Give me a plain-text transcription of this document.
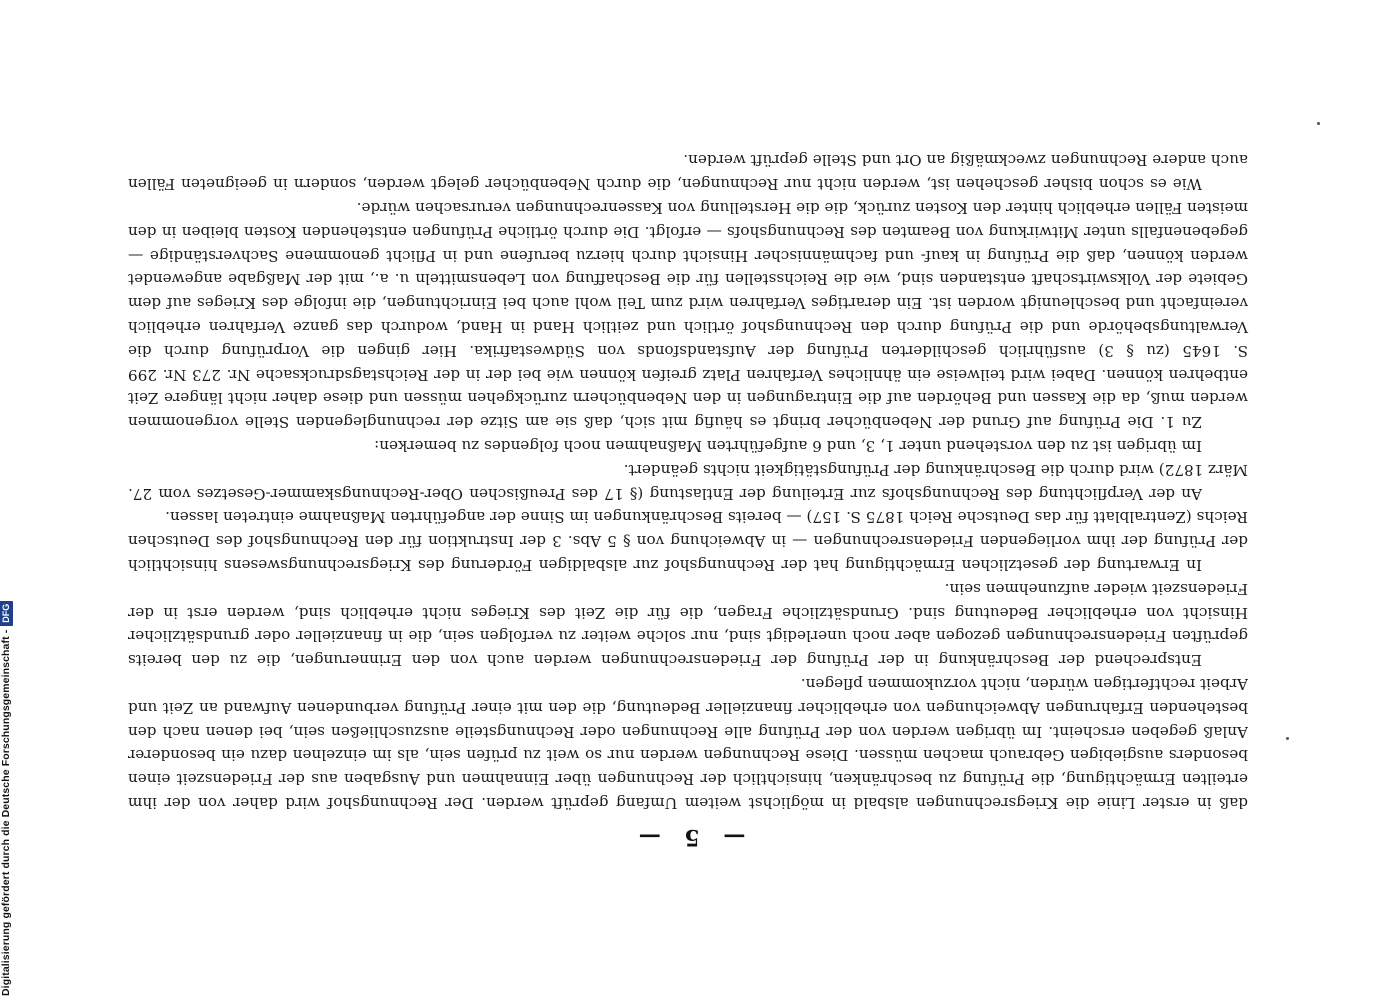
— 5 —

daß in erster Linie die Kriegsrechnungen alsbald in möglichst weitem Umfang geprüft werden. Der Rechnungshof wird daher von der ihm erteilten Ermächtigung, die Prüfung zu beschränken, hinsichtlich der Rechnungen über Einnahmen und Ausgaben aus der Friedenszeit einen besonders ausgiebigen Gebrauch machen müssen. Diese Rechnungen werden nur so weit zu prüfen sein, als im einzelnen dazu ein besonderer Anlaß gegeben erscheint. Im übrigen werden von der Prüfung alle Rechnungen oder Rechnungsteile auszuschließen sein, bei denen nach den bestehenden Erfahrungen Abweichungen von erheblicher finanzieller Bedeutung, die den mit einer Prüfung verbundenen Aufwand an Zeit und Arbeit rechtfertigen würden, nicht vorzukommen pflegen.

Entsprechend der Beschränkung in der Prüfung der Friedensrechnungen werden auch von den Erinnerungen, die zu den bereits geprüften Friedensrechnungen gezogen aber noch unerledigt sind, nur solche weiter zu verfolgen sein, die in finanzieller oder grundsätzlicher Hinsicht von erheblicher Bedeutung sind. Grundsätzliche Fragen, die für die Zeit des Krieges nicht erheblich sind, werden erst in der Friedenszeit wieder aufzunehmen sein.

In Erwartung der gesetzlichen Ermächtigung hat der Rechnungshof zur alsbaldigen Förderung des Kriegsrechnungswesens hinsichtlich der Prüfung der ihm vorliegenden Friedensrechnungen — in Abweichung von § 5 Abs. 3 der Instruktion für den Rechnungshof des Deutschen Reichs (Zentralblatt für das Deutsche Reich 1875 S. 157) — bereits Beschränkungen im Sinne der angeführten Maßnahme eintreten lassen.

An der Verpflichtung des Rechnungshofs zur Erteilung der Entlastung (§ 17 des Preußischen Ober-Rechnungskammer-Gesetzes vom 27. März 1872) wird durch die Beschränkung der Prüfungstätigkeit nichts geändert.

Im übrigen ist zu den vorstehend unter 1, 3, und 6 aufgeführten Maßnahmen noch folgendes zu bemerken:

Zu 1. Die Prüfung auf Grund der Nebenbücher bringt es häufig mit sich, daß sie am Sitze der rechnunglegenden Stelle vorgenommen werden muß, da die Kassen und Behörden auf die Eintragungen in den Nebenbüchern zurückgehen müssen und diese daher nicht längere Zeit entbehren können. Dabei wird teilweise ein ähnliches Verfahren Platz greifen können wie bei der in der Reichstagsdrucksache Nr. 273 Nr. 299 S. 1645 (zu § 3) ausführlich geschilderten Prüfung der Aufstandsfonds von Südwestafrika. Hier gingen die Vorprüfung durch die Verwaltungsbehörde und die Prüfung durch den Rechnungshof örtlich und zeitlich Hand in Hand, wodurch das ganze Verfahren erheblich vereinfacht und beschleunigt worden ist. Ein derartiges Verfahren wird zum Teil wohl auch bei Einrichtungen, die infolge des Krieges auf dem Gebiete der Volkswirtschaft entstanden sind, wie die Reichsstellen für die Beschaffung von Lebensmitteln u. a., mit der Maßgabe angewendet werden können, daß die Prüfung in kauf- und fachmännischer Hinsicht durch hierzu berufene und in Pflicht genommene Sachverständige — gegebenenfalls unter Mitwirkung von Beamten des Rechnungshofs — erfolgt. Die durch örtliche Prüfungen entstehenden Kosten bleiben in den meisten Fällen erheblich hinter den Kosten zurück, die die Herstellung von Kassenrechnungen verursachen würde.

Wie es schon bisher geschehen ist, werden nicht nur Rechnungen, die durch Nebenbücher gelegt werden, sondern in geeigneten Fällen auch andere Rechnungen zweckmäßig an Ort und Stelle geprüft werden.

Digitalisierung gefördert durch die Deutsche Forschungsgemeinschaft -
DFG
